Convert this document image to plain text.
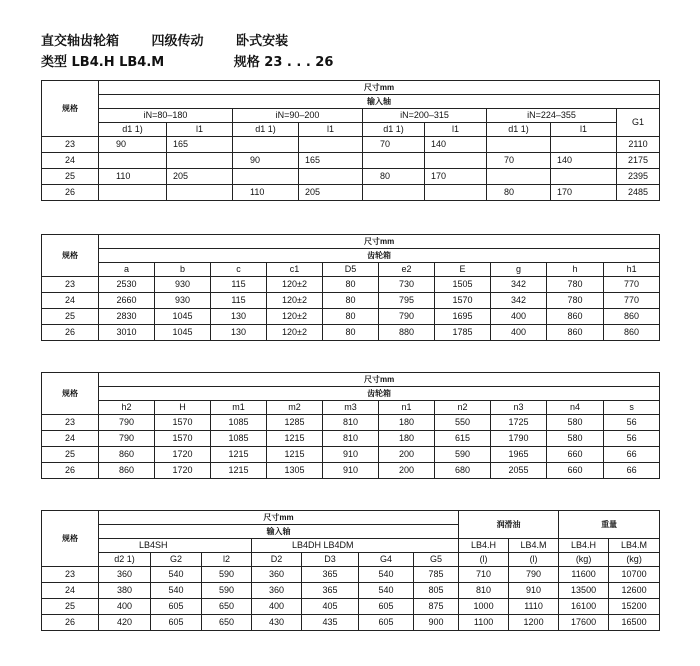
直交轴齿轮箱	四级传动	卧式安装
类型 LB4.H LB4.M	规格 23 . . . 26
规格	尺寸mm								
	输入轴								
	iN=80–180		iN=90–200		iN=200–315		iN=224–355		G1
	d1 1)	l1	d1 1)	l1	d1 1)	l1	d1 1)	l1	
23	90	165			70	140			2110
24			90	165			70	140	2175
25	110	205			80	170			2395
26			110	205			80	170	2485
规格	尺寸mm									
	齿轮箱									
	a	b	c	c1	D5	e2	E	g	h	h1
23	2530	930	115	120±2	80	730	1505	342	780	770
24	2660	930	115	120±2	80	795	1570	342	780	770
25	2830	1045	130	120±2	80	790	1695	400	860	860
26	3010	1045	130	120±2	80	880	1785	400	860	860
规格	尺寸mm									
	齿轮箱									
	h2	H	m1	m2	m3	n1	n2	n3	n4	s
23	790	1570	1085	1285	810	180	550	1725	580	56
24	790	1570	1085	1215	810	180	615	1790	580	56
25	860	1720	1215	1215	910	200	590	1965	660	66
26	860	1720	1215	1305	910	200	680	2055	660	66
规格	尺寸mm							润滑油		重量	
	输入轴										
	LB4SH			LB4DH LB4DM				LB4.H	LB4.M	LB4.H	LB4.M
	d2 1)	G2	l2	D2	D3	G4	G5	(l)	(l)	(kg)	(kg)
23	360	540	590	360	365	540	785	710	790	11600	10700
24	380	540	590	360	365	540	805	810	910	13500	12600
25	400	605	650	400	405	605	875	1000	1110	16100	15200
26	420	605	650	430	435	605	900	1100	1200	17600	16500
